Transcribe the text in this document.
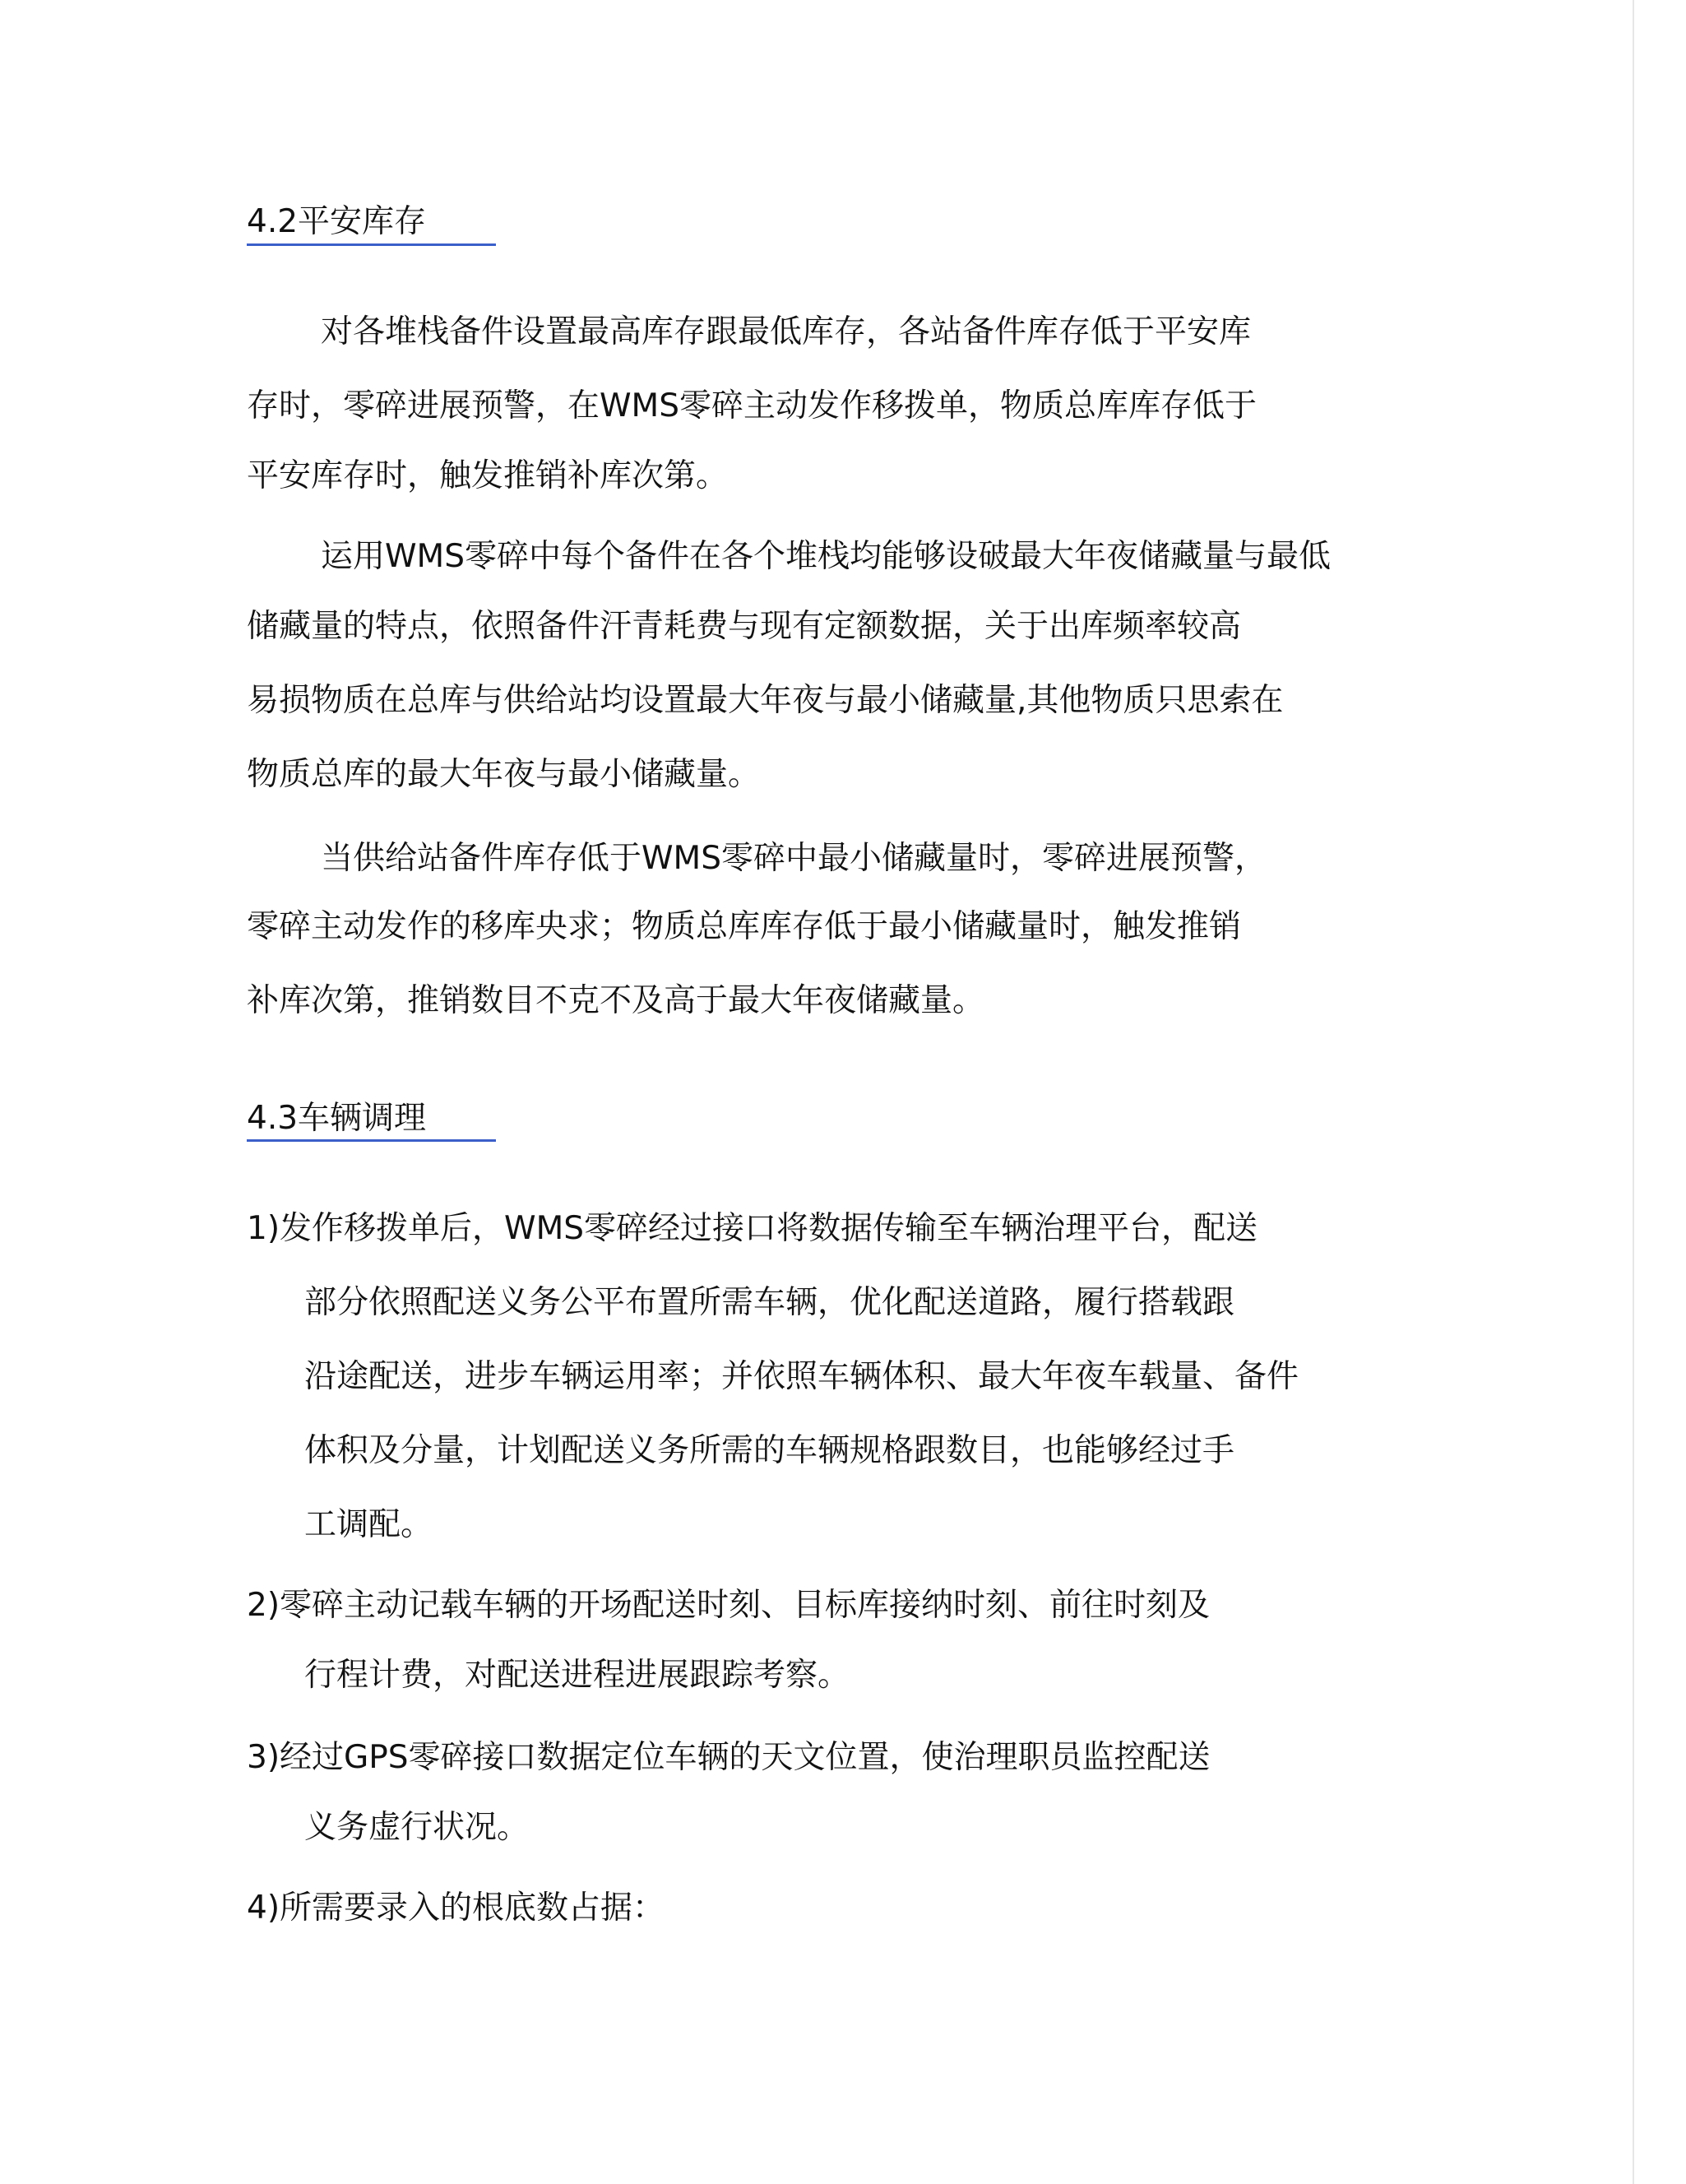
4.2平安库存

对各堆栈备件设置最高库存跟最低库存，各站备件库存低于平安库

存时，零碎进展预警，在WMS零碎主动发作移拨单，物质总库库存低于

平安库存时，触发推销补库次第。

运用WMS零碎中每个备件在各个堆栈均能够设破最大年夜储藏量与最低

储藏量的特点，依照备件汗青耗费与现有定额数据，关于出库频率较高

易损物质在总库与供给站均设置最大年夜与最小储藏量,其他物质只思索在

物质总库的最大年夜与最小储藏量。

当供给站备件库存低于WMS零碎中最小储藏量时，零碎进展预警，

零碎主动发作的移库央求；物质总库库存低于最小储藏量时，触发推销

补库次第，推销数目不克不及高于最大年夜储藏量。

4.3车辆调理

1)发作移拨单后，WMS零碎经过接口将数据传输至车辆治理平台，配送

部分依照配送义务公平布置所需车辆，优化配送道路，履行搭载跟

沿途配送，进步车辆运用率；并依照车辆体积、最大年夜车载量、备件

体积及分量，计划配送义务所需的车辆规格跟数目，也能够经过手

工调配。

2)零碎主动记载车辆的开场配送时刻、目标库接纳时刻、前往时刻及

行程计费，对配送进程进展跟踪考察。

3)经过GPS零碎接口数据定位车辆的天文位置，使治理职员监控配送

义务虚行状况。

4)所需要录入的根底数占据：
